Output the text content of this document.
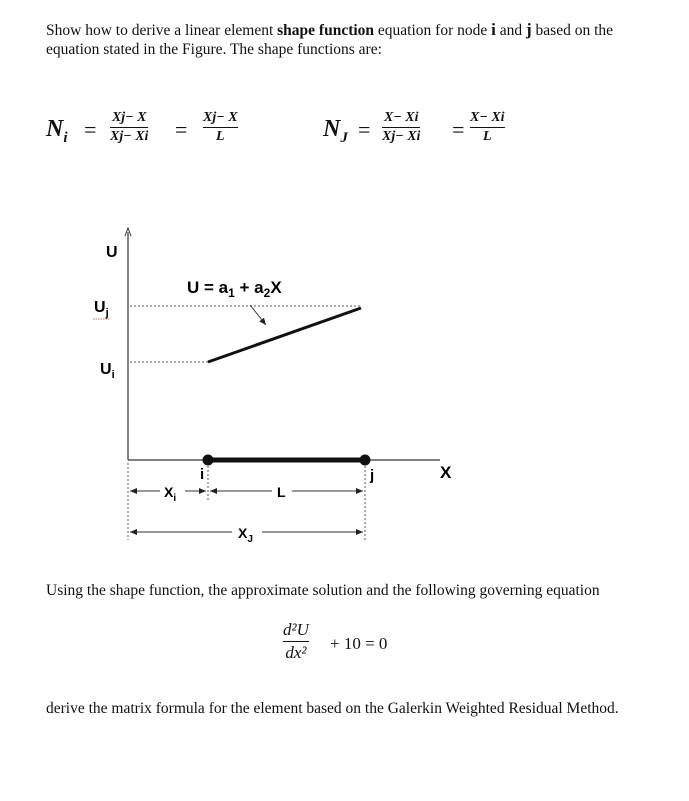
Show how to derive a linear element shape function equation for node i and j based on the equation stated in the Figure. The shape functions are:
$N_i = Xj- X$
Xj− Xi = Xj− X
L	$N_J = X- Xi$
Xj− Xi = X− Xi
L
U
$U_j$
$U_i$
$U = a_1 + a_2X$
i	j	X
$X_i$	L
$X_J$
Using the shape function, the approximate solution and the following governing equation
d²U
dx² + 10 = 0
derive the matrix formula for the element based on the Galerkin Weighted Residual Method.
